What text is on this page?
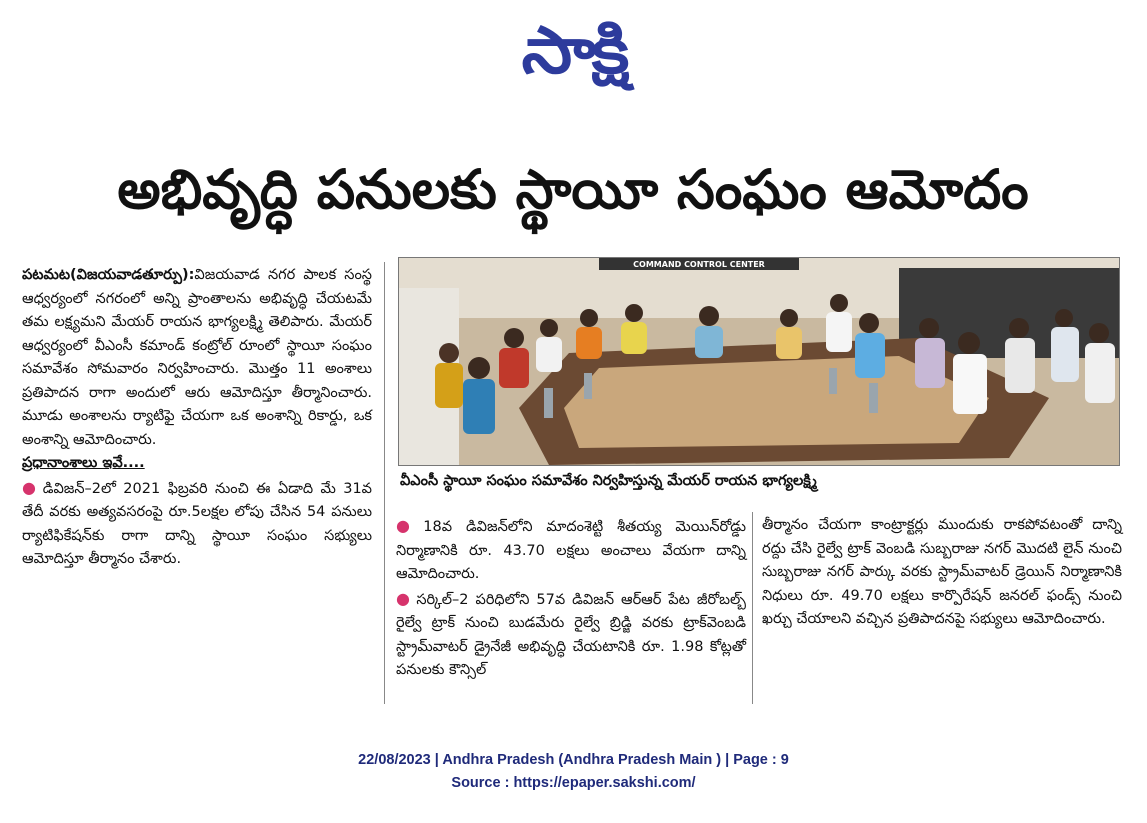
సాక్షి
అభివృద్ధి పనులకు స్థాయీ సంఘం ఆమోదం

పటమట(విజయవాడతూర్పు):విజయవాడ నగర పాలక సంస్థ ఆధ్వర్యంలో నగరంలో అన్ని ప్రాంతాలను అభివృద్ధి చేయటమే తమ లక్ష్యమని మేయర్‌ రాయన భాగ్యలక్ష్మి తెలిపారు. మేయర్‌ ఆధ్వర్యంలో వీఎంసీ కమాండ్‌ కంట్రోల్‌ రూంలో స్థాయీ సంఘం సమావేశం సోమవారం నిర్వహించారు. మొత్తం 11 అంశాలు ప్రతిపాదన రాగా అందులో ఆరు ఆమోదిస్తూ తీర్మానించారు. మూడు అంశాలను ర్యాటిఫై చేయగా ఒక అంశాన్ని రికార్డు, ఒక అంశాన్ని ఆమోదించారు.

ప్రధానాంశాలు ఇవే....

● డివిజన్‌–2లో 2021 ఫిబ్రవరి నుంచి ఈ ఏడాది మే 31వ తేదీ వరకు అత్యవసరంపై రూ.5లక్షల లోపు చేసిన 54 పనులు ర్యాటిఫికేషన్‌కు రాగా దాన్ని స్థాయీ సంఘం సభ్యులు ఆమోదిస్తూ తీర్మానం చేశారు.

COMMAND CONTROL CENTER
వీఎంసీ స్థాయీ సంఘం సమావేశం నిర్వహిస్తున్న మేయర్‌ రాయన భాగ్యలక్ష్మి

● 18వ డివిజన్‌లోని మాదంశెట్టి శీతయ్య మెయిన్‌రోడ్డు నిర్మాణానికి రూ. 43.70 లక్షలు అంచాలు వేయగా దాన్ని ఆమోదించారు.

● సర్కిల్‌–2 పరిధిలోని 57వ డివిజన్‌ ఆర్‌ఆర్‌ పేట జీరోబల్బ్‌ రైల్వే ట్రాక్‌ నుంచి బుడమేరు రైల్వే బ్రిడ్జి వరకు ట్రాక్‌వెంబడి స్ట్రామ్‌వాటర్‌ డ్రైనేజీ అభివృద్ధి చేయటానికి రూ. 1.98 కోట్లతో పనులకు కౌన్సిల్‌

తీర్మానం చేయగా కాంట్రాక్టర్లు ముందుకు రాకపోవటంతో దాన్ని రద్దు చేసి రైల్వే ట్రాక్‌ వెంబడి సుబ్బరాజు నగర్‌ మొదటి లైన్‌ నుంచి సుబ్బరాజు నగర్‌ పార్కు వరకు స్ట్రామ్‌వాటర్‌ డ్రెయిన్‌ నిర్మాణానికి నిధులు రూ. 49.70 లక్షలు కార్పొరేషన్‌ జనరల్‌ ఫండ్స్‌ నుంచి ఖర్చు చేయాలని వచ్చిన ప్రతిపాదనపై సభ్యులు ఆమోదించారు.

22/08/2023 | Andhra Pradesh (Andhra Pradesh Main ) | Page : 9
Source : https://epaper.sakshi.com/
